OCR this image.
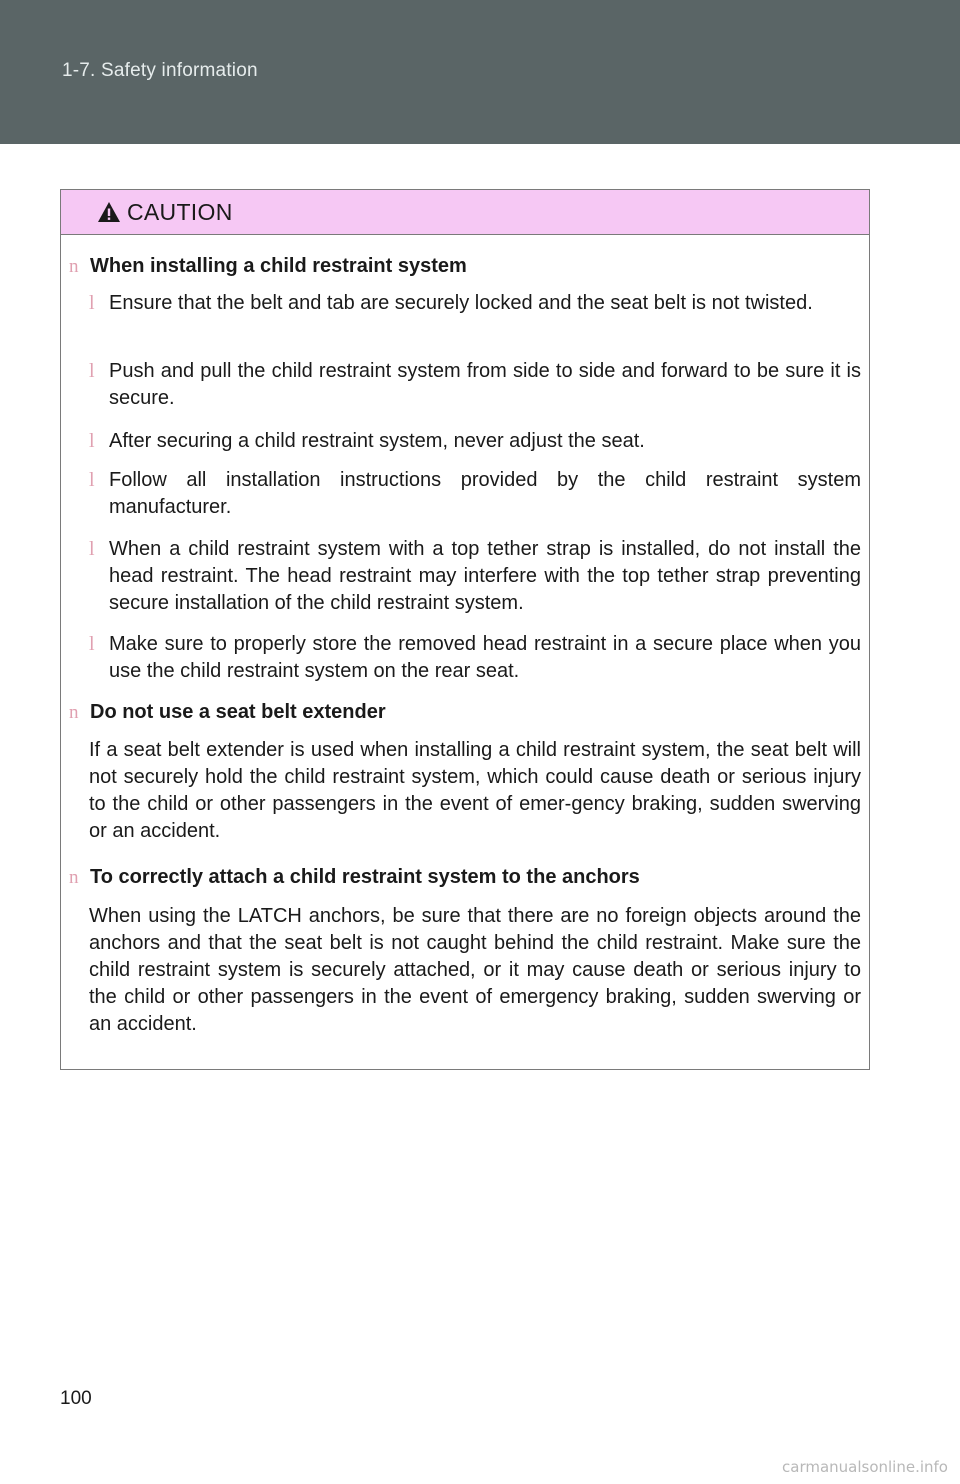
1-7. Safety information
CAUTION
n When installing a child restraint system
l Ensure that the belt and tab are securely locked and the seat belt is not twisted.
l Push and pull the child restraint system from side to side and forward to be sure it is secure.
l After securing a child restraint system, never adjust the seat.
l Follow all installation instructions provided by the child restraint system manufacturer.
l When a child restraint system with a top tether strap is installed, do not install the head restraint. The head restraint may interfere with the top tether strap preventing secure installation of the child restraint system.
l Make sure to properly store the removed head restraint in a secure place when you use the child restraint system on the rear seat.
n Do not use a seat belt extender
If a seat belt extender is used when installing a child restraint system, the seat belt will not securely hold the child restraint system, which could cause death or serious injury to the child or other passengers in the event of emer-gency braking, sudden swerving or an accident.
n To correctly attach a child restraint system to the anchors
When using the LATCH anchors, be sure that there are no foreign objects around the anchors and that the seat belt is not caught behind the child restraint. Make sure the child restraint system is securely attached, or it may cause death or serious injury to the child or other passengers in the event of emergency braking, sudden swerving or an accident.
100
carmanualsonline.info
